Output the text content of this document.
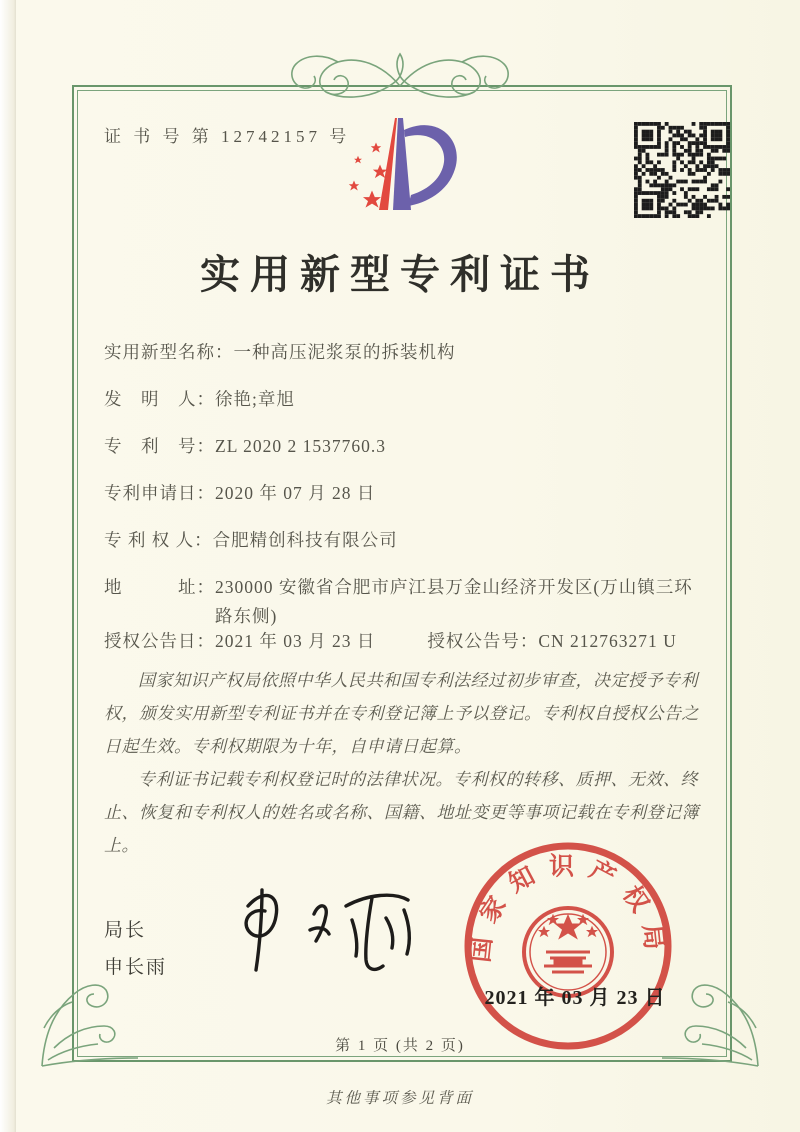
证 书 号 第 12742157 号
实用新型专利证书
实用新型名称： 一种高压泥浆泵的拆装机构
发　明　人： 徐艳;章旭
专　利　号： ZL 2020 2 1537760.3
专利申请日： 2020 年 07 月 28 日
专 利 权 人： 合肥精创科技有限公司
地　　　址： 230000 安徽省合肥市庐江县万金山经济开发区(万山镇三环路东侧)
授权公告日：2021 年 03 月 23 日	授权公告号：CN 212763271 U

国家知识产权局依照中华人民共和国专利法经过初步审查，决定授予专利权，颁发实用新型专利证书并在专利登记簿上予以登记。专利权自授权公告之日起生效。专利权期限为十年，自申请日起算。

专利证书记载专利权登记时的法律状况。专利权的转移、质押、无效、终止、恢复和专利权人的姓名或名称、国籍、地址变更等事项记载在专利登记簿上。

局长
申长雨
国家知识产权局
2021 年 03 月 23 日
第 1 页 (共 2 页)
其他事项参见背面
